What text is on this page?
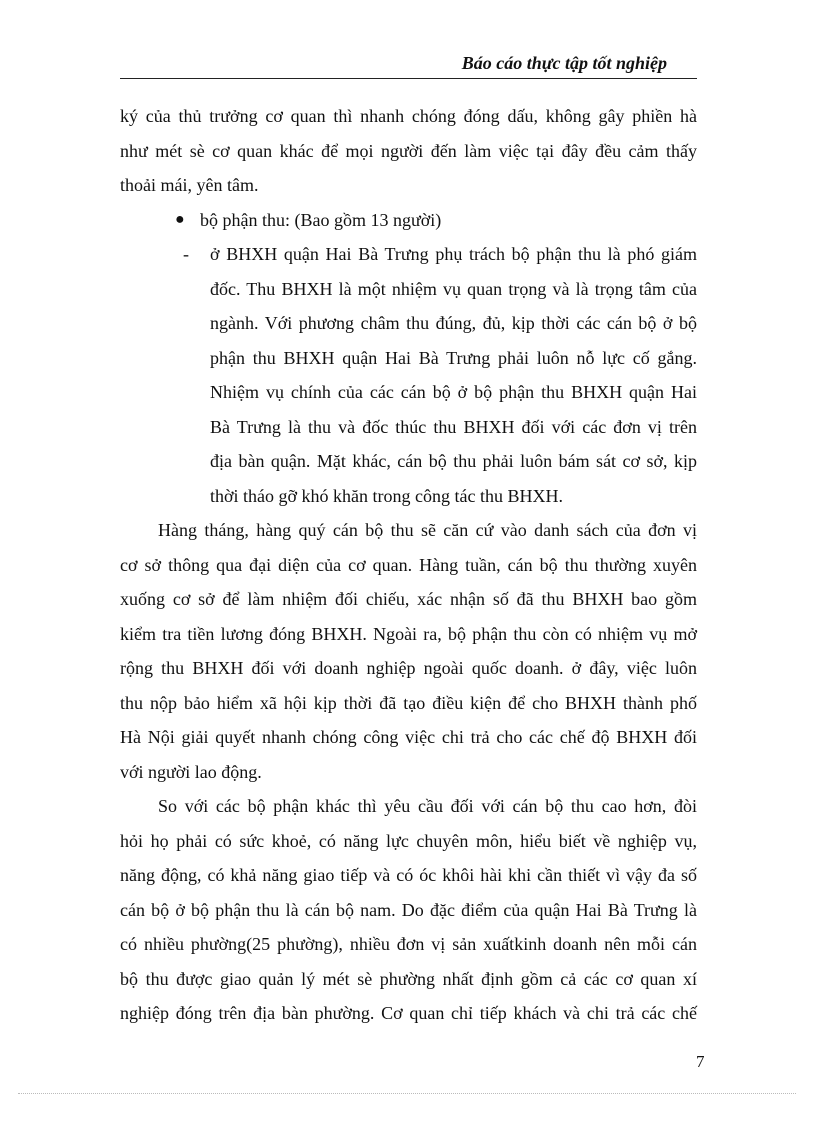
Báo cáo thực tập tốt nghiệp
ký của thủ trưởng cơ quan thì nhanh chóng đóng dấu, không gây phiền hà
như mét sè cơ quan khác để mọi người đến làm việc tại đây đều cảm thấy
thoải mái, yên tâm.
● bộ phận thu: (Bao gồm 13 người)
- ở BHXH quận Hai Bà Trưng phụ trách bộ phận thu là phó giám
đốc. Thu BHXH là một nhiệm vụ quan trọng và là trọng tâm của
ngành. Với phương châm thu đúng, đủ, kịp thời các cán bộ ở bộ
phận thu BHXH quận Hai Bà Trưng phải luôn nỗ lực cố gắng.
Nhiệm vụ chính của các cán bộ ở bộ phận thu BHXH quận Hai
Bà Trưng là thu và đốc thúc thu BHXH đối với các đơn vị trên
địa bàn quận. Mặt khác, cán bộ thu phải luôn bám sát cơ sở, kịp
thời tháo gỡ khó khăn trong công tác thu BHXH.
Hàng tháng, hàng quý cán bộ thu sẽ căn cứ vào danh sách của đơn vị
cơ sở thông qua đại diện của cơ quan. Hàng tuần, cán bộ thu thường xuyên
xuống cơ sở để làm nhiệm đối chiếu, xác nhận số đã thu BHXH bao gồm
kiểm tra tiền lương đóng BHXH. Ngoài ra, bộ phận thu còn có nhiệm vụ mở
rộng thu BHXH đối với doanh nghiệp ngoài quốc doanh. ở đây, việc luôn
thu nộp bảo hiểm xã hội kịp thời đã tạo điều kiện để cho BHXH thành phố
Hà Nội giải quyết nhanh chóng công việc chi trả cho các chế độ BHXH đối
với người lao động.
So với các bộ phận khác thì yêu cầu đối với cán bộ thu cao hơn, đòi
hỏi họ phải có sức khoẻ, có năng lực chuyên môn, hiểu biết về nghiệp vụ,
năng động, có khả năng giao tiếp và có óc khôi hài khi cần thiết vì vậy đa số
cán bộ ở bộ phận thu là cán bộ nam. Do đặc điểm của quận Hai Bà Trưng là
có nhiều phường(25 phường), nhiều đơn vị sản xuấtkinh doanh nên mỗi cán
bộ thu được giao quản lý mét sè phường nhất định gồm cả các cơ quan xí
nghiệp đóng trên địa bàn phường. Cơ quan chỉ tiếp khách và chi trả các chế
7
